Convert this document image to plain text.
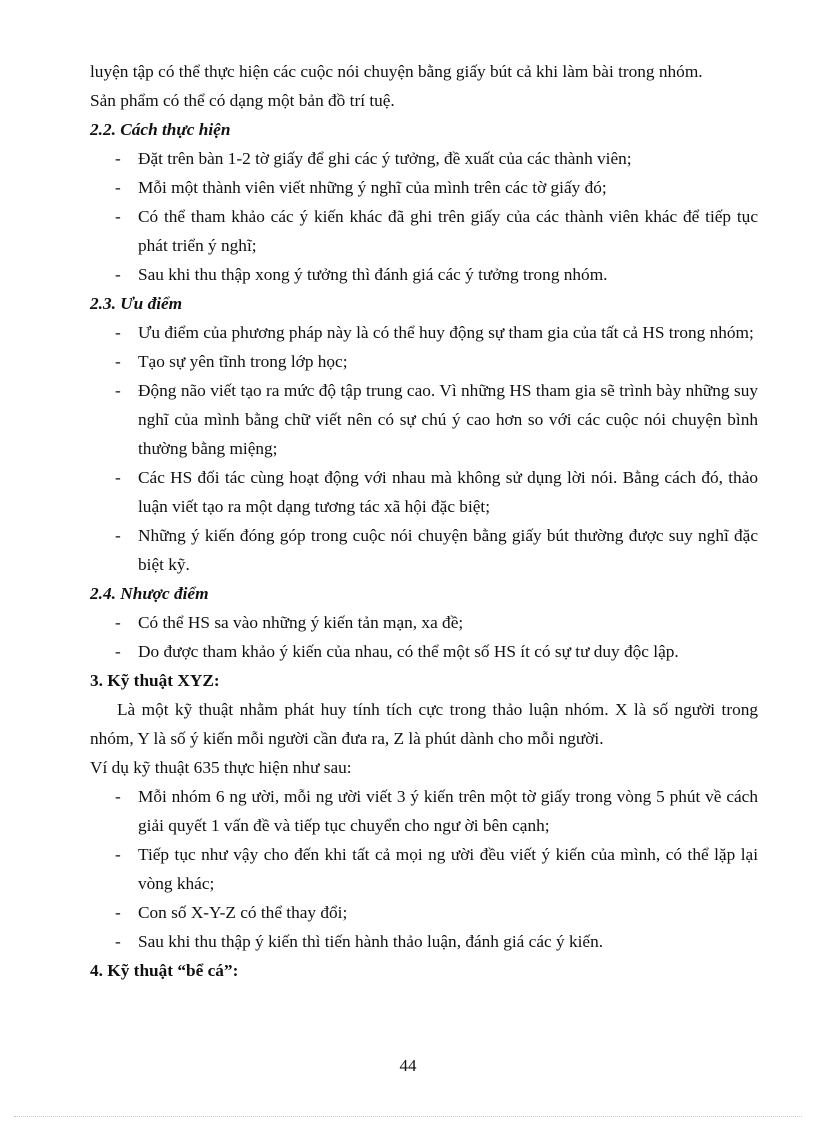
luyện tập có thể thực hiện các cuộc nói chuyện bằng giấy bút cả khi làm bài trong nhóm.

Sản phẩm có thể có dạng một bản đồ trí tuệ.

2.2. Cách thực hiện

- Đặt trên bàn 1-2 tờ giấy để ghi các ý tưởng, đề xuất của các thành viên;
- Mỗi một thành viên viết những ý nghĩ của mình trên các tờ giấy đó;
- Có thể tham khảo các ý kiến khác đã ghi trên giấy của các thành viên khác để tiếp tục phát triển ý nghĩ;
- Sau khi thu thập xong ý tưởng thì đánh giá các ý tưởng trong nhóm.

2.3. Ưu điểm

- Ưu điểm của phương pháp này là có thể huy động sự tham gia của tất cả HS trong nhóm;
- Tạo sự yên tĩnh trong lớp học;
- Động não viết tạo ra mức độ tập trung cao. Vì những HS tham gia sẽ trình bày những suy nghĩ của mình bằng chữ viết nên có sự chú ý cao hơn so với các cuộc nói chuyện bình thường bằng miệng;
- Các HS đối tác cùng hoạt động với nhau mà không sử dụng lời nói. Bằng cách đó, thảo luận viết tạo ra một dạng tương tác xã hội đặc biệt;
- Những ý kiến đóng góp trong cuộc nói chuyện bằng giấy bút thường được suy nghĩ đặc biệt kỹ.

2.4. Nhược điểm

- Có thể HS sa vào những ý kiến tản mạn, xa đề;
- Do được tham khảo ý kiến của nhau, có thể một số HS ít có sự tư duy độc lập.

3. Kỹ thuật XYZ:

Là một kỹ thuật nhằm phát huy tính tích cực trong thảo luận nhóm. X là số người trong nhóm, Y là số ý kiến mỗi người cần đưa ra, Z là phút dành cho mỗi người.

Ví dụ kỹ thuật 635 thực hiện như sau:

- Mỗi nhóm 6 ng ười, mỗi ng ười viết 3 ý kiến trên một tờ giấy trong vòng 5 phút về cách giải quyết 1 vấn đề và tiếp tục chuyển cho ngư ời bên cạnh;
- Tiếp tục như vậy cho đến khi tất cả mọi ng ười đều viết ý kiến của mình, có thể lặp lại vòng khác;
- Con số X-Y-Z có thể thay đổi;
- Sau khi thu thập ý kiến thì tiến hành thảo luận, đánh giá các ý kiến.

4. Kỹ thuật “bể cá”:

44
